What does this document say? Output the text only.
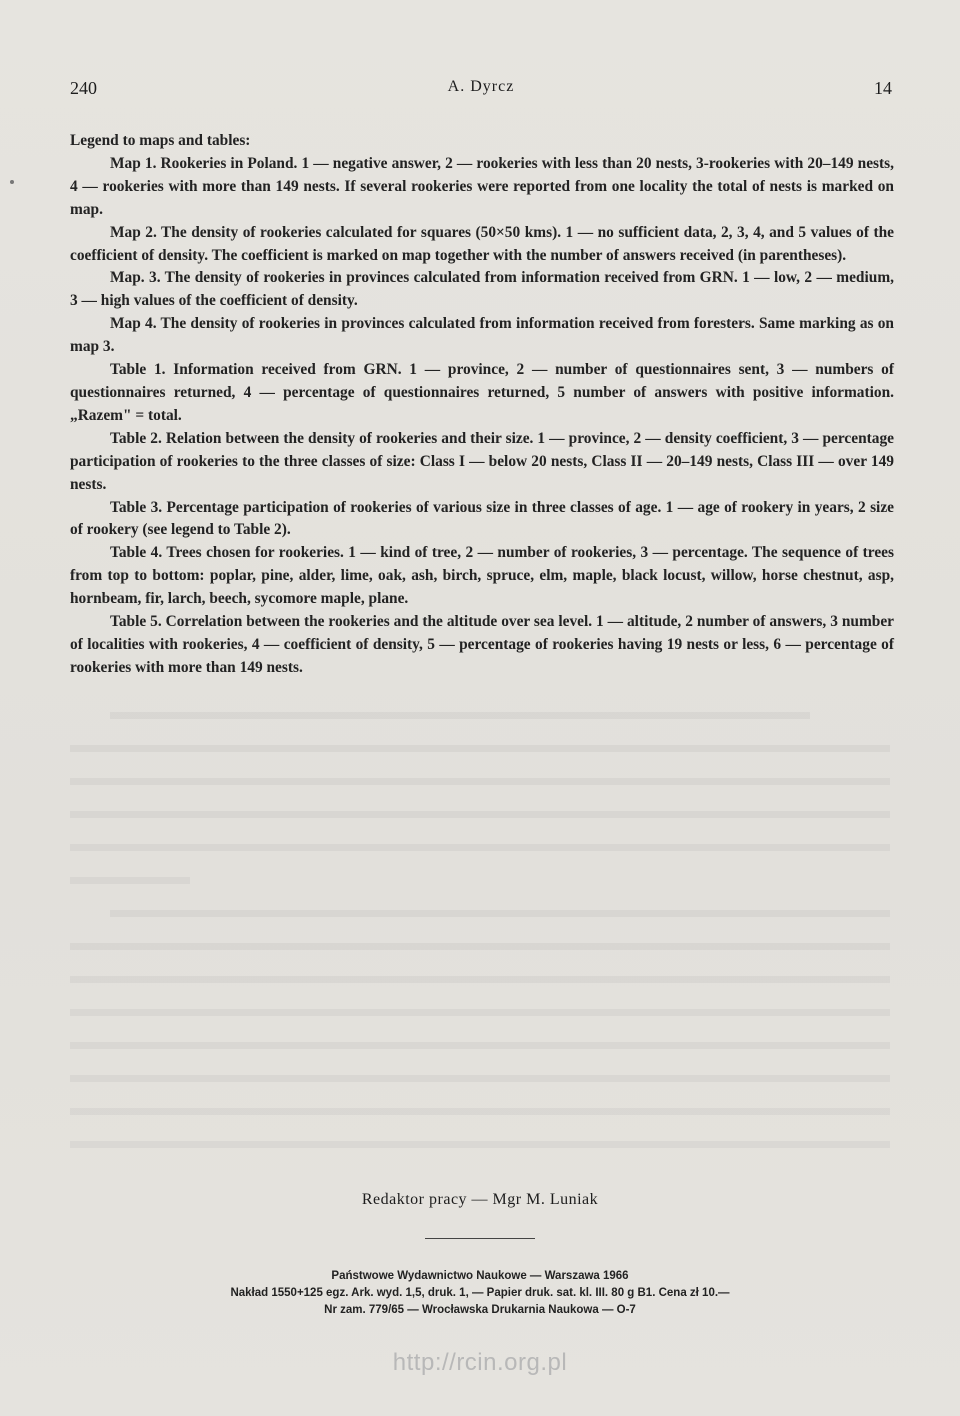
240	A. Dyrcz	14

Legend to maps and tables:

Map 1. Rookeries in Poland. 1 — negative answer, 2 — rookeries with less than 20 nests, 3-rookeries with 20–149 nests, 4 — rookeries with more than 149 nests. If several rookeries were reported from one locality the total of nests is marked on map.

Map 2. The density of rookeries calculated for squares (50×50 kms). 1 — no sufficient data, 2, 3, 4, and 5 values of the coefficient of density. The coefficient is marked on map together with the number of answers received (in parentheses).

Map. 3. The density of rookeries in provinces calculated from information received from GRN. 1 — low, 2 — medium, 3 — high values of the coefficient of density.

Map 4. The density of rookeries in provinces calculated from information received from foresters. Same marking as on map 3.

Table 1. Information received from GRN. 1 — province, 2 — number of questionnaires sent, 3 — numbers of questionnaires returned, 4 — percentage of questionnaires returned, 5 number of answers with positive information. „Razem" = total.

Table 2. Relation between the density of rookeries and their size. 1 — province, 2 — density coefficient, 3 — percentage participation of rookeries to the three classes of size: Class I — below 20 nests, Class II — 20–149 nests, Class III — over 149 nests.

Table 3. Percentage participation of rookeries of various size in three classes of age. 1 — age of rookery in years, 2 size of rookery (see legend to Table 2).

Table 4. Trees chosen for rookeries. 1 — kind of tree, 2 — number of rookeries, 3 — percentage. The sequence of trees from top to bottom: poplar, pine, alder, lime, oak, ash, birch, spruce, elm, maple, black locust, willow, horse chestnut, asp, hornbeam, fir, larch, beech, sycomore maple, plane.

Table 5. Correlation between the rookeries and the altitude over sea level. 1 — altitude, 2 number of answers, 3 number of localities with rookeries, 4 — coefficient of density, 5 — percentage of rookeries having 19 nests or less, 6 — percentage of rookeries with more than 149 nests.

Redaktor pracy — Mgr M. Luniak
Państwowe Wydawnictwo Naukowe — Warszawa 1966
Nakład 1550+125 egz. Ark. wyd. 1,5, druk. 1, — Papier druk. sat. kl. III. 80 g B1. Cena zł 10.—
Nr zam. 779/65 — Wrocławska Drukarnia Naukowa — O-7
http://rcin.org.pl
